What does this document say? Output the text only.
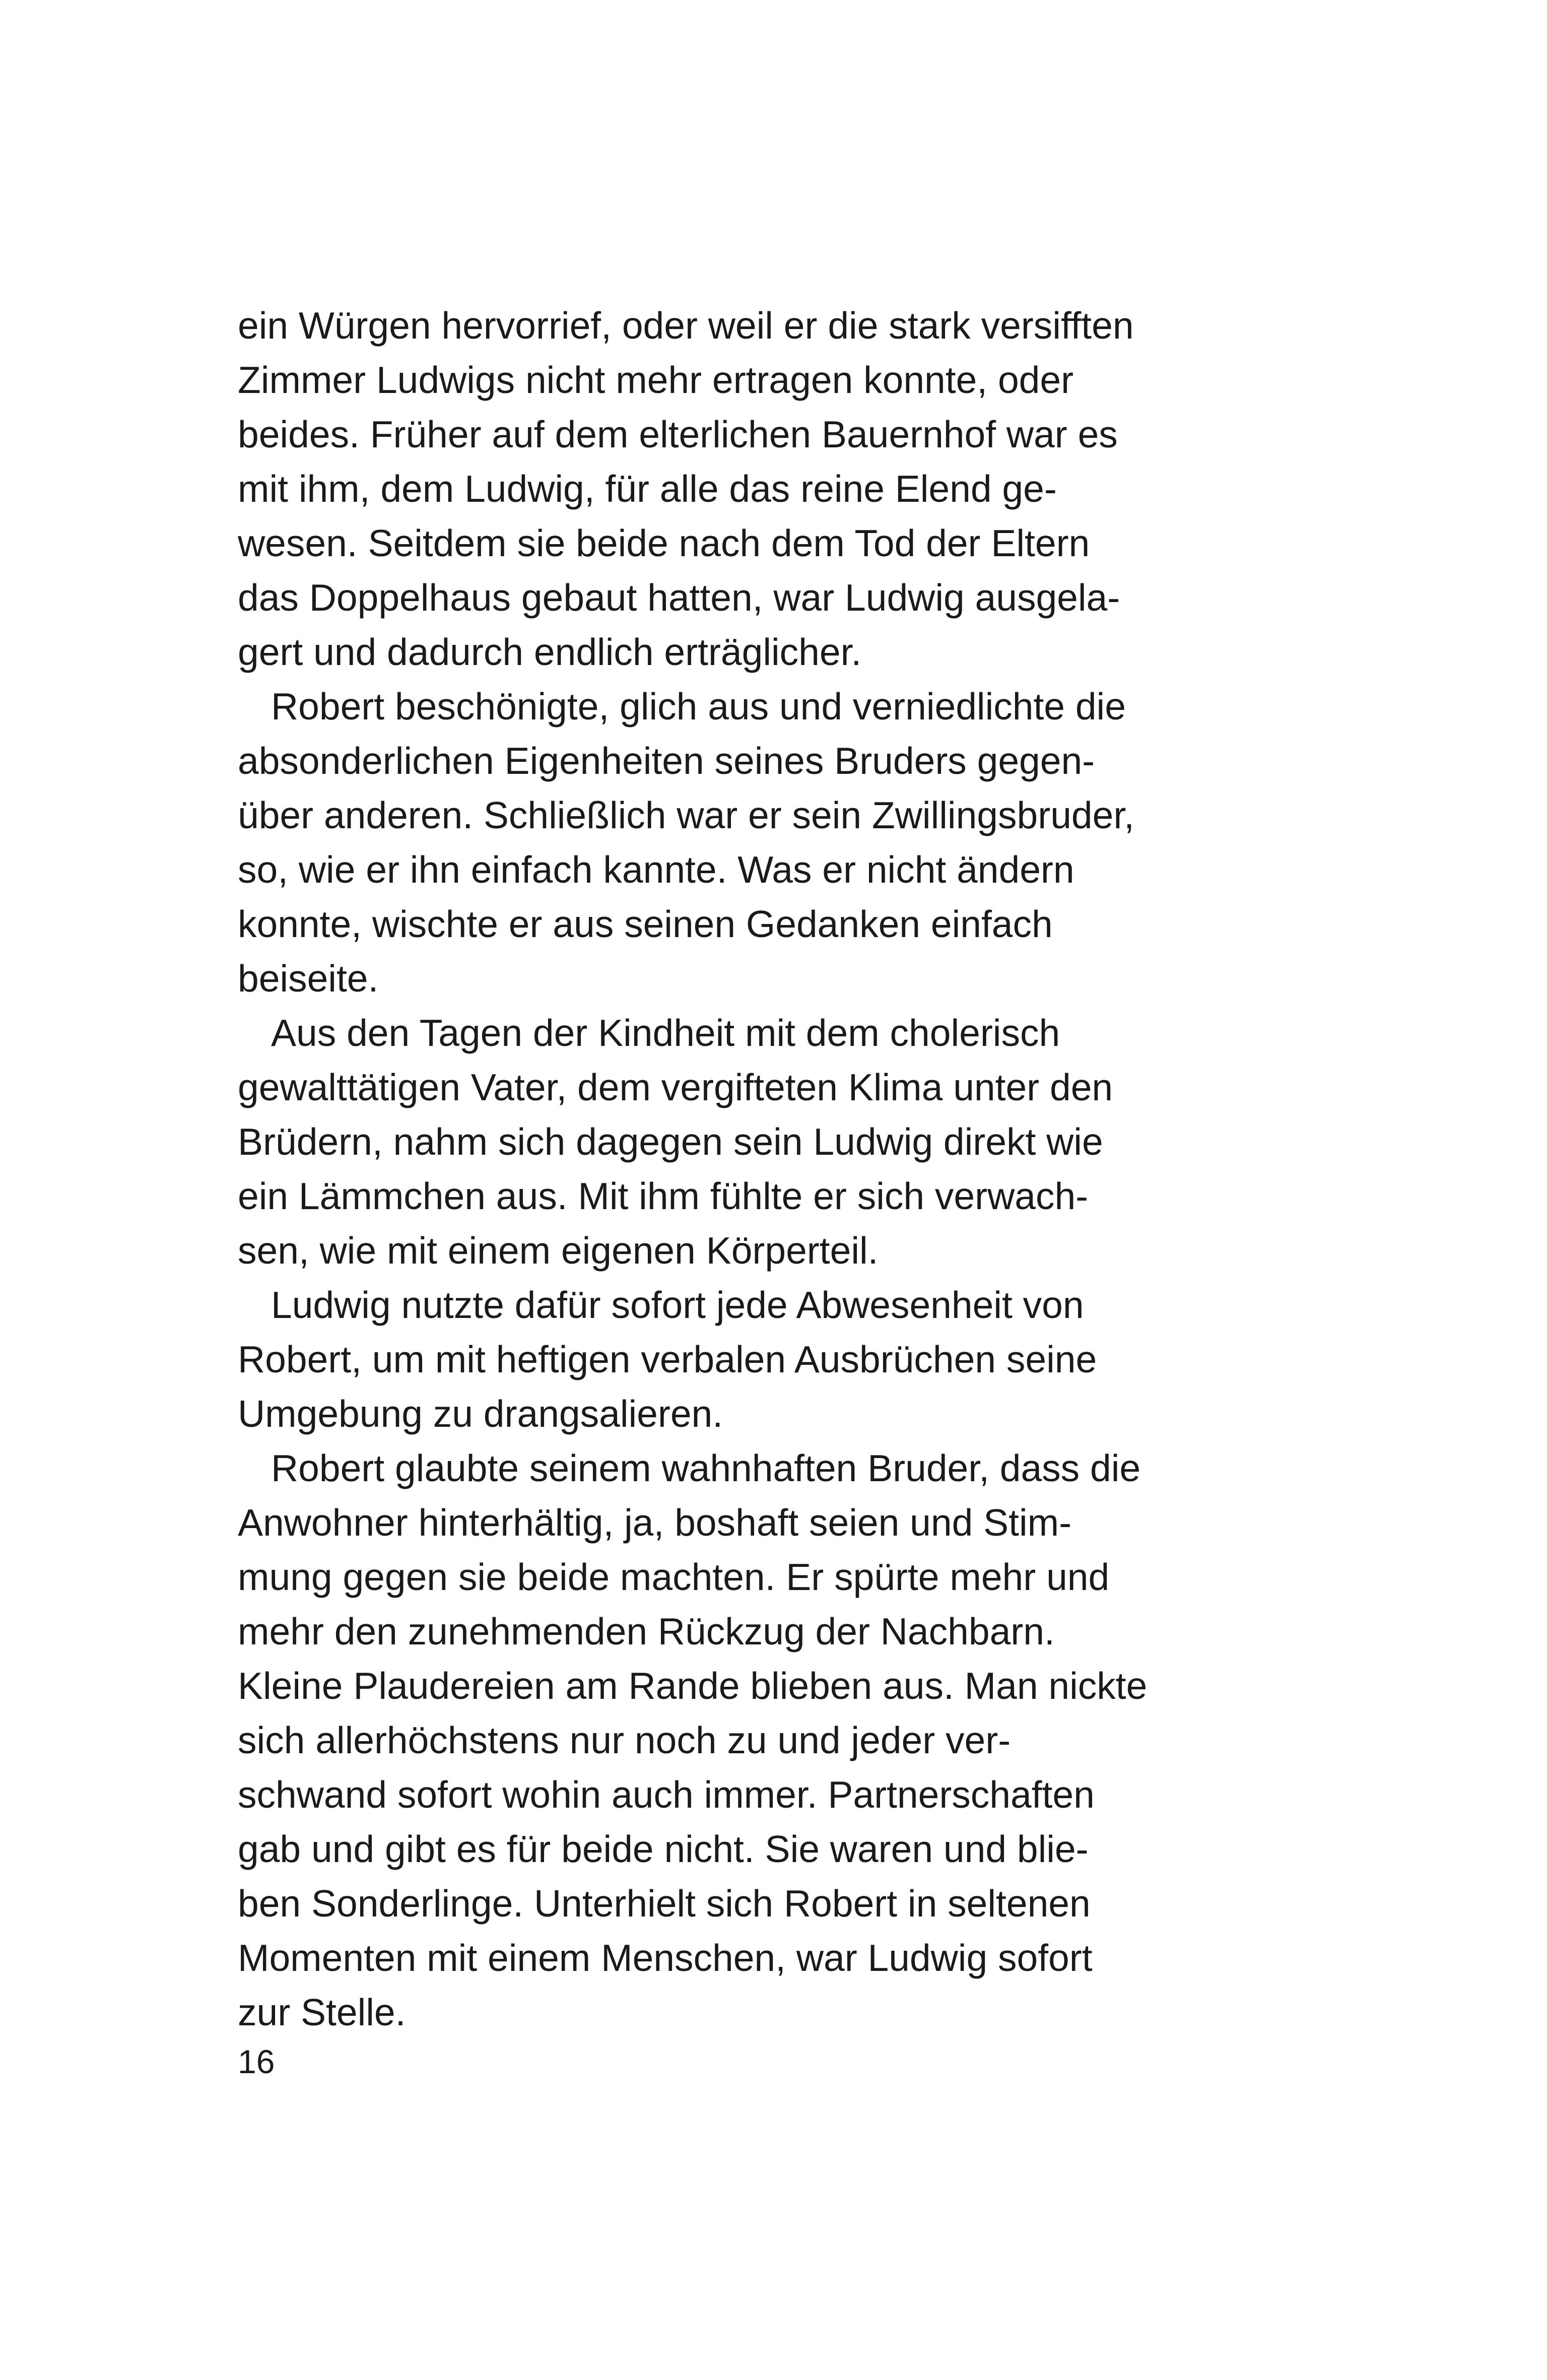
ein Würgen hervorrief, oder weil er die stark versifften
Zimmer Ludwigs nicht mehr ertragen konnte, oder
beides. Früher auf dem elterlichen Bauernhof war es
mit ihm, dem Ludwig, für alle das reine Elend ge-
wesen. Seitdem sie beide nach dem Tod der Eltern
das Doppelhaus gebaut hatten, war Ludwig ausgela-
gert und dadurch endlich erträglicher.

Robert beschönigte, glich aus und verniedlichte die
absonderlichen Eigenheiten seines Bruders gegen-
über anderen. Schließlich war er sein Zwillingsbruder,
so, wie er ihn einfach kannte. Was er nicht ändern
konnte, wischte er aus seinen Gedanken einfach
beiseite.

Aus den Tagen der Kindheit mit dem cholerisch
gewalttätigen Vater, dem vergifteten Klima unter den
Brüdern, nahm sich dagegen sein Ludwig direkt wie
ein Lämmchen aus. Mit ihm fühlte er sich verwach-
sen, wie mit einem eigenen Körperteil.

Ludwig nutzte dafür sofort jede Abwesenheit von
Robert, um mit heftigen verbalen Ausbrüchen seine
Umgebung zu drangsalieren.

Robert glaubte seinem wahnhaften Bruder, dass die
Anwohner hinterhältig, ja, boshaft seien und Stim-
mung gegen sie beide machten. Er spürte mehr und
mehr den zunehmenden Rückzug der Nachbarn.
Kleine Plaudereien am Rande blieben aus. Man nickte
sich allerhöchstens nur noch zu und jeder ver-
schwand sofort wohin auch immer. Partnerschaften
gab und gibt es für beide nicht. Sie waren und blie-
ben Sonderlinge. Unterhielt sich Robert in seltenen
Momenten mit einem Menschen, war Ludwig sofort
zur Stelle.

16
